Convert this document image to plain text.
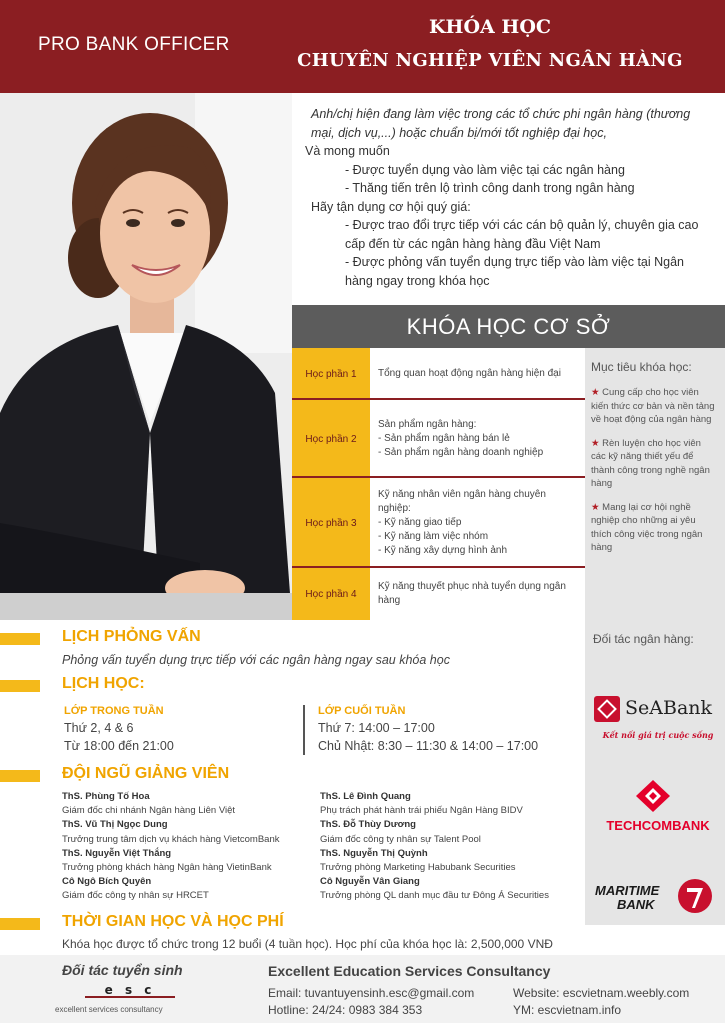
PRO BANK OFFICER
KHÓA HỌC
CHUYÊN NGHIỆP VIÊN NGÂN HÀNG
Anh/chị hiện đang làm việc trong các tổ chức phi ngân hàng (thương mại, dịch vụ,...) hoặc chuẩn bị/mới tốt nghiệp đại học,
Và mong muốn
- Được tuyển dụng vào làm việc tại các ngân hàng
- Thăng tiến trên lộ trình công danh trong ngân hàng
Hãy tận dụng cơ hội quý giá:
- Được trao đổi trực tiếp với các cán bộ quản lý, chuyên gia cao cấp đến từ các ngân hàng hàng đầu Việt Nam
- Được phỏng vấn tuyển dụng trực tiếp vào làm việc tại Ngân hàng ngay trong khóa học
KHÓA HỌC CƠ SỞ
Học phần 1	Tổng quan hoạt động ngân hàng hiện đại
Học phần 2
Sản phẩm ngân hàng:
- Sản phẩm ngân hàng bán lẻ
- Sản phẩm ngân hàng doanh nghiệp
Học phần 3
Kỹ năng nhân viên ngân hàng chuyên nghiệp:
- Kỹ năng giao tiếp
- Kỹ năng làm việc nhóm
- Kỹ năng xây dựng hình ảnh
Học phần 4
Kỹ năng thuyết phục nhà tuyển dụng ngân hàng
Mục tiêu khóa học:
★ Cung cấp cho học viên kiến thức cơ bản và nền tảng về hoạt động của ngân hàng
★ Rèn luyện cho học viên các kỹ năng thiết yếu để thành công trong nghề ngân hàng
★ Mang lại cơ hội nghề nghiệp cho những ai yêu thích công việc trong ngân hàng
LỊCH PHỎNG VẤN
Phỏng vấn tuyển dụng trực tiếp với các ngân hàng ngay sau khóa học
LỊCH HỌC:
LỚP TRONG TUẦN
Thứ 2, 4 & 6
Từ 18:00 đến 21:00
LỚP CUỐI TUẦN
Thứ 7: 14:00 – 17:00
Chủ Nhật: 8:30 – 11:30 & 14:00 – 17:00
ĐỘI NGŨ GIẢNG VIÊN
ThS. Phùng Tố Hoa
Giám đốc chi nhánh Ngân hàng Liên Việt
ThS. Vũ Thị Ngọc Dung
Trưởng trung tâm dịch vụ khách hàng VietcomBank
ThS. Nguyễn Việt Thắng
Trưởng phòng khách hàng Ngân hàng VietinBank
Cô Ngô Bích Quyên
Giám đốc công ty nhân sự HRCET
ThS. Lê Đình Quang
Phụ trách phát hành trái phiếu Ngân Hàng BIDV
ThS. Đỗ Thùy Dương
Giám đốc công ty nhân sự Talent Pool
ThS. Nguyễn Thị Quỳnh
Trưởng phòng Marketing Habubank Securities
Cô Nguyễn Vân Giang
Trưởng phòng QL danh mục đầu tư Đông Á Securities
Đối tác ngân hàng:
SeABank
Kết nối giá trị cuộc sống
TECHCOMBANK
MARITIME
BANK
THỜI GIAN HỌC VÀ HỌC PHÍ
Khóa học được tổ chức trong 12 buổi (4 tuần học). Học phí của khóa học là: 2,500,000 VNĐ
Đối tác tuyển sinh
e s c
excellent services consultancy
Excellent Education Services Consultancy
Email: tuvantuyensinh.esc@gmail.com
Hotline: 24/24: 0983 384 353
Website: escvietnam.weebly.com
YM: escvietnam.info
